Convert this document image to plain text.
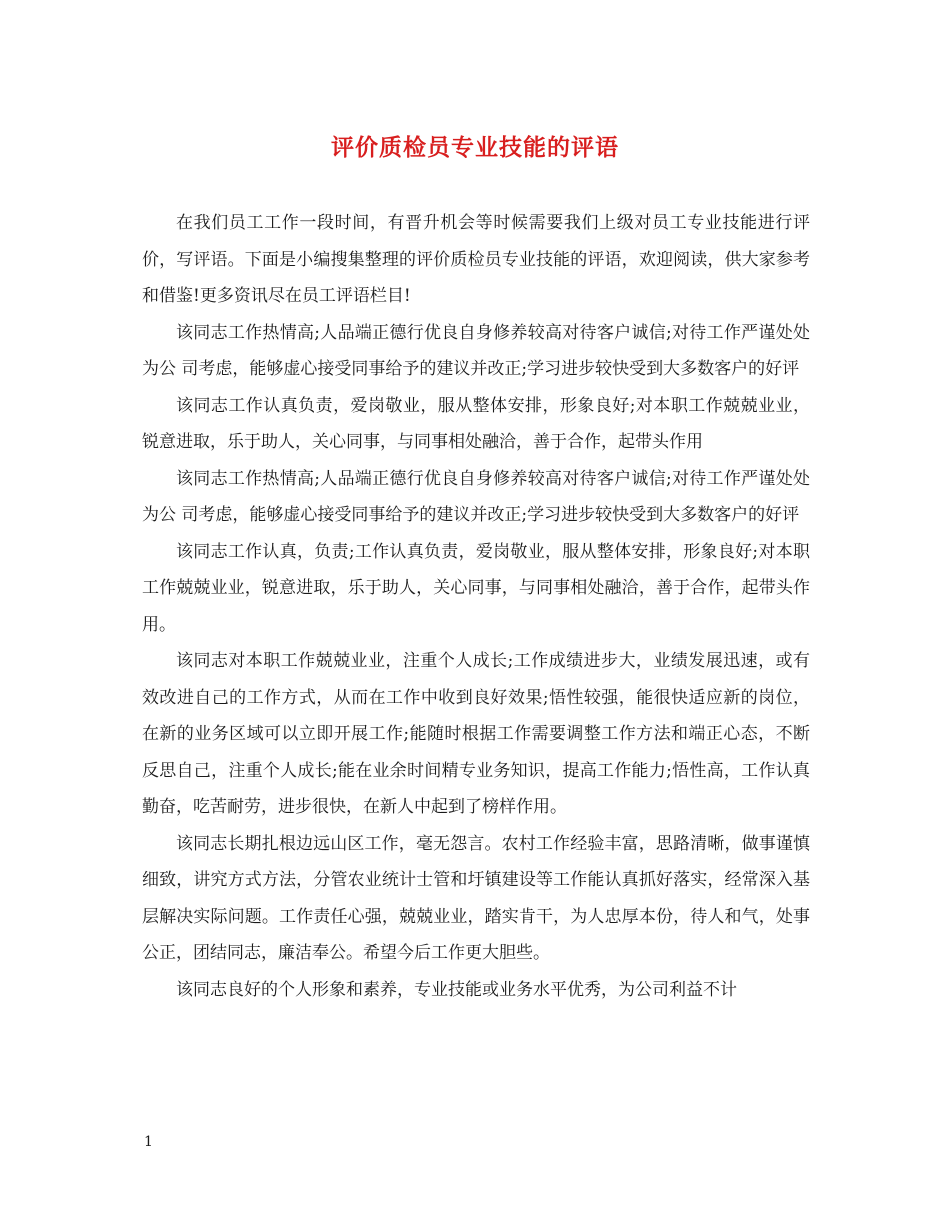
评价质检员专业技能的评语

在我们员工工作一段时间，有晋升机会等时候需要我们上级对员工专业技能进行评价，写评语。下面是小编搜集整理的评价质检员专业技能的评语，欢迎阅读，供大家参考和借鉴!更多资讯尽在员工评语栏目!

该同志工作热情高;人品端正德行优良自身修养较高对待客户诚信;对待工作严谨处处为公 司考虑，能够虚心接受同事给予的建议并改正;学习进步较快受到大多数客户的好评

该同志工作认真负责，爱岗敬业，服从整体安排，形象良好;对本职工作兢兢业业，锐意进取，乐于助人，关心同事，与同事相处融洽，善于合作，起带头作用

该同志工作热情高;人品端正德行优良自身修养较高对待客户诚信;对待工作严谨处处为公 司考虑，能够虚心接受同事给予的建议并改正;学习进步较快受到大多数客户的好评

该同志工作认真，负责;工作认真负责，爱岗敬业，服从整体安排，形象良好;对本职工作兢兢业业，锐意进取，乐于助人，关心同事，与同事相处融洽，善于合作，起带头作用。

该同志对本职工作兢兢业业，注重个人成长;工作成绩进步大，业绩发展迅速，或有效改进自己的工作方式，从而在工作中收到良好效果;悟性较强，能很快适应新的岗位，在新的业务区域可以立即开展工作;能随时根据工作需要调整工作方法和端正心态，不断反思自己，注重个人成长;能在业余时间精专业务知识，提高工作能力;悟性高，工作认真勤奋，吃苦耐劳，进步很快，在新人中起到了榜样作用。

该同志长期扎根边远山区工作，毫无怨言。农村工作经验丰富，思路清晰，做事谨慎细致，讲究方式方法，分管农业统计士管和圩镇建设等工作能认真抓好落实，经常深入基层解决实际问题。工作责任心强，兢兢业业，踏实肯干，为人忠厚本份，待人和气，处事公正，团结同志，廉洁奉公。希望今后工作更大胆些。

该同志良好的个人形象和素养，专业技能或业务水平优秀，为公司利益不计

1
